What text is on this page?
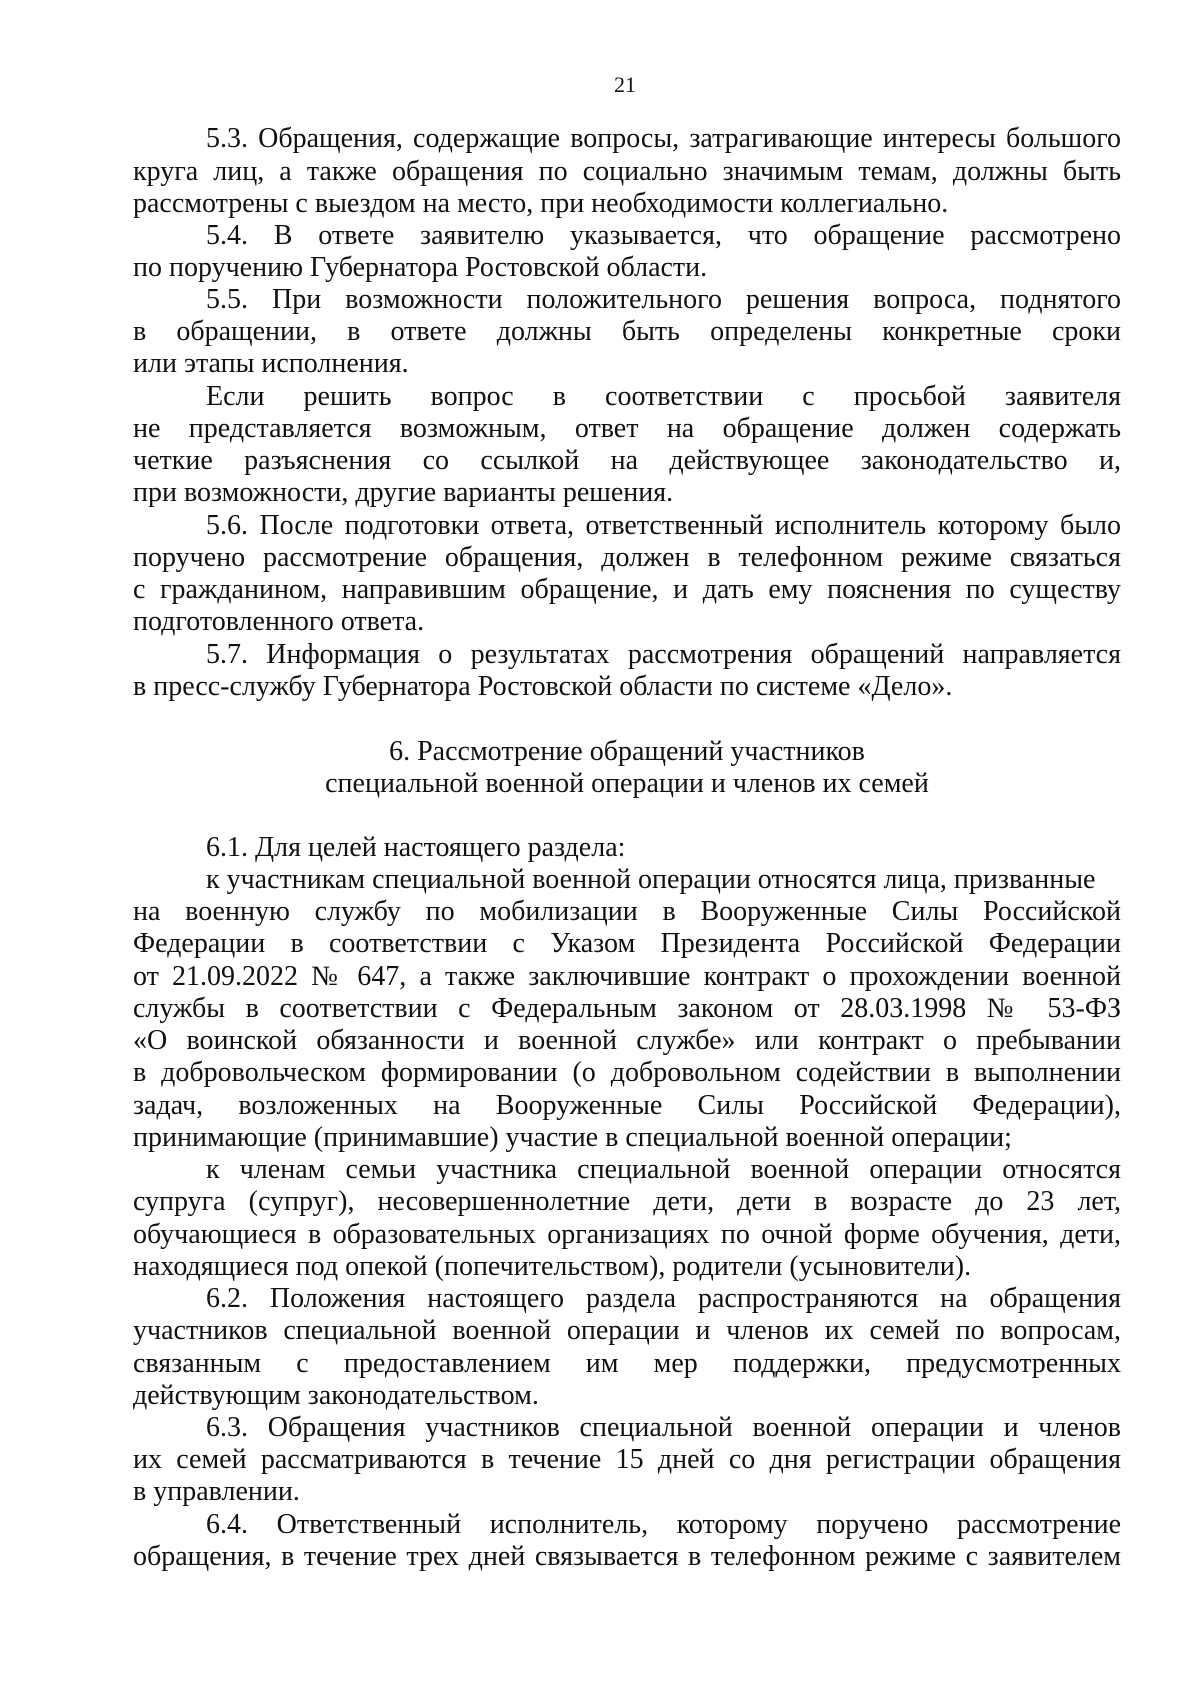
21
5.3. Обращения, содержащие вопросы, затрагивающие интересы большого
круга лиц, а также обращения по социально значимым темам, должны быть
рассмотрены с выездом на место, при необходимости коллегиально.
5.4. В ответе заявителю указывается, что обращение рассмотрено
по поручению Губернатора Ростовской области.
5.5. При возможности положительного решения вопроса, поднятого
в обращении, в ответе должны быть определены конкретные сроки
или этапы исполнения.
Если решить вопрос в соответствии с просьбой заявителя
не представляется возможным, ответ на обращение должен содержать
четкие разъяснения со ссылкой на действующее законодательство и,
при возможности, другие варианты решения.
5.6. После подготовки ответа, ответственный исполнитель которому было
поручено рассмотрение обращения, должен в телефонном режиме связаться
с гражданином, направившим обращение, и дать ему пояснения по существу
подготовленного ответа.
5.7. Информация о результатах рассмотрения обращений направляется
в пресс-службу Губернатора Ростовской области по системе «Дело».
6. Рассмотрение обращений участников
специальной военной операции и членов их семей
6.1. Для целей настоящего раздела:
к участникам специальной военной операции относятся лица, призванные
на военную службу по мобилизации в Вооруженные Силы Российской
Федерации в соответствии с Указом Президента Российской Федерации
от 21.09.2022 № 647, а также заключившие контракт о прохождении военной
службы в соответствии с Федеральным законом от 28.03.1998 № 53-ФЗ
«О воинской обязанности и военной службе» или контракт о пребывании
в добровольческом формировании (о добровольном содействии в выполнении
задач, возложенных на Вооруженные Силы Российской Федерации),
принимающие (принимавшие) участие в специальной военной операции;
к членам семьи участника специальной военной операции относятся
супруга (супруг), несовершеннолетние дети, дети в возрасте до 23 лет,
обучающиеся в образовательных организациях по очной форме обучения, дети,
находящиеся под опекой (попечительством), родители (усыновители).
6.2. Положения настоящего раздела распространяются на обращения
участников специальной военной операции и членов их семей по вопросам,
связанным с предоставлением им мер поддержки, предусмотренных
действующим законодательством.
6.3. Обращения участников специальной военной операции и членов
их семей рассматриваются в течение 15 дней со дня регистрации обращения
в управлении.
6.4. Ответственный исполнитель, которому поручено рассмотрение
обращения, в течение трех дней связывается в телефонном режиме с заявителем
